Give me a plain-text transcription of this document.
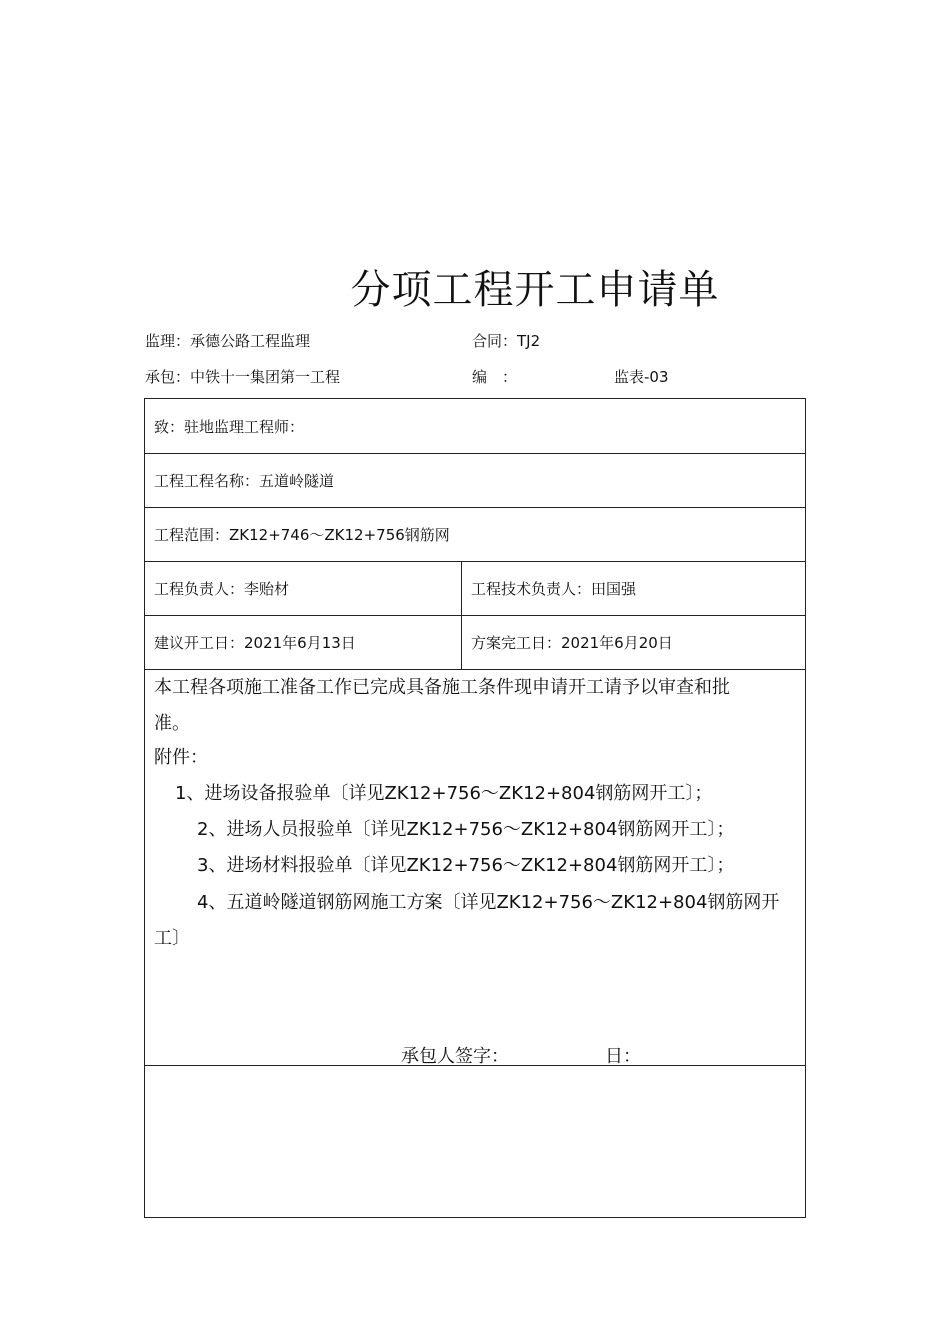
分项工程开工申请单
监理：承德公路工程监理	合同：TJ2
承包：中铁十一集团第一工程	编　：	监表-03
致：驻地监理工程师：
工程工程名称：五道岭隧道
工程范围：ZK12+746～ZK12+756钢筋网
工程负责人：李贻材	工程技术负责人：田国强
建议开工日：2021年6月13日	方案完工日：2021年6月20日
本工程各项施工准备工作已完成具备施工条件现申请开工请予以审查和批
准。
附件：
1、进场设备报验单〔详见ZK12+756～ZK12+804钢筋网开工〕；
2、进场人员报验单〔详见ZK12+756～ZK12+804钢筋网开工〕；
3、进场材料报验单〔详见ZK12+756～ZK12+804钢筋网开工〕；
4、五道岭隧道钢筋网施工方案〔详见ZK12+756～ZK12+804钢筋网开
工〕
承包人签字：	日：
